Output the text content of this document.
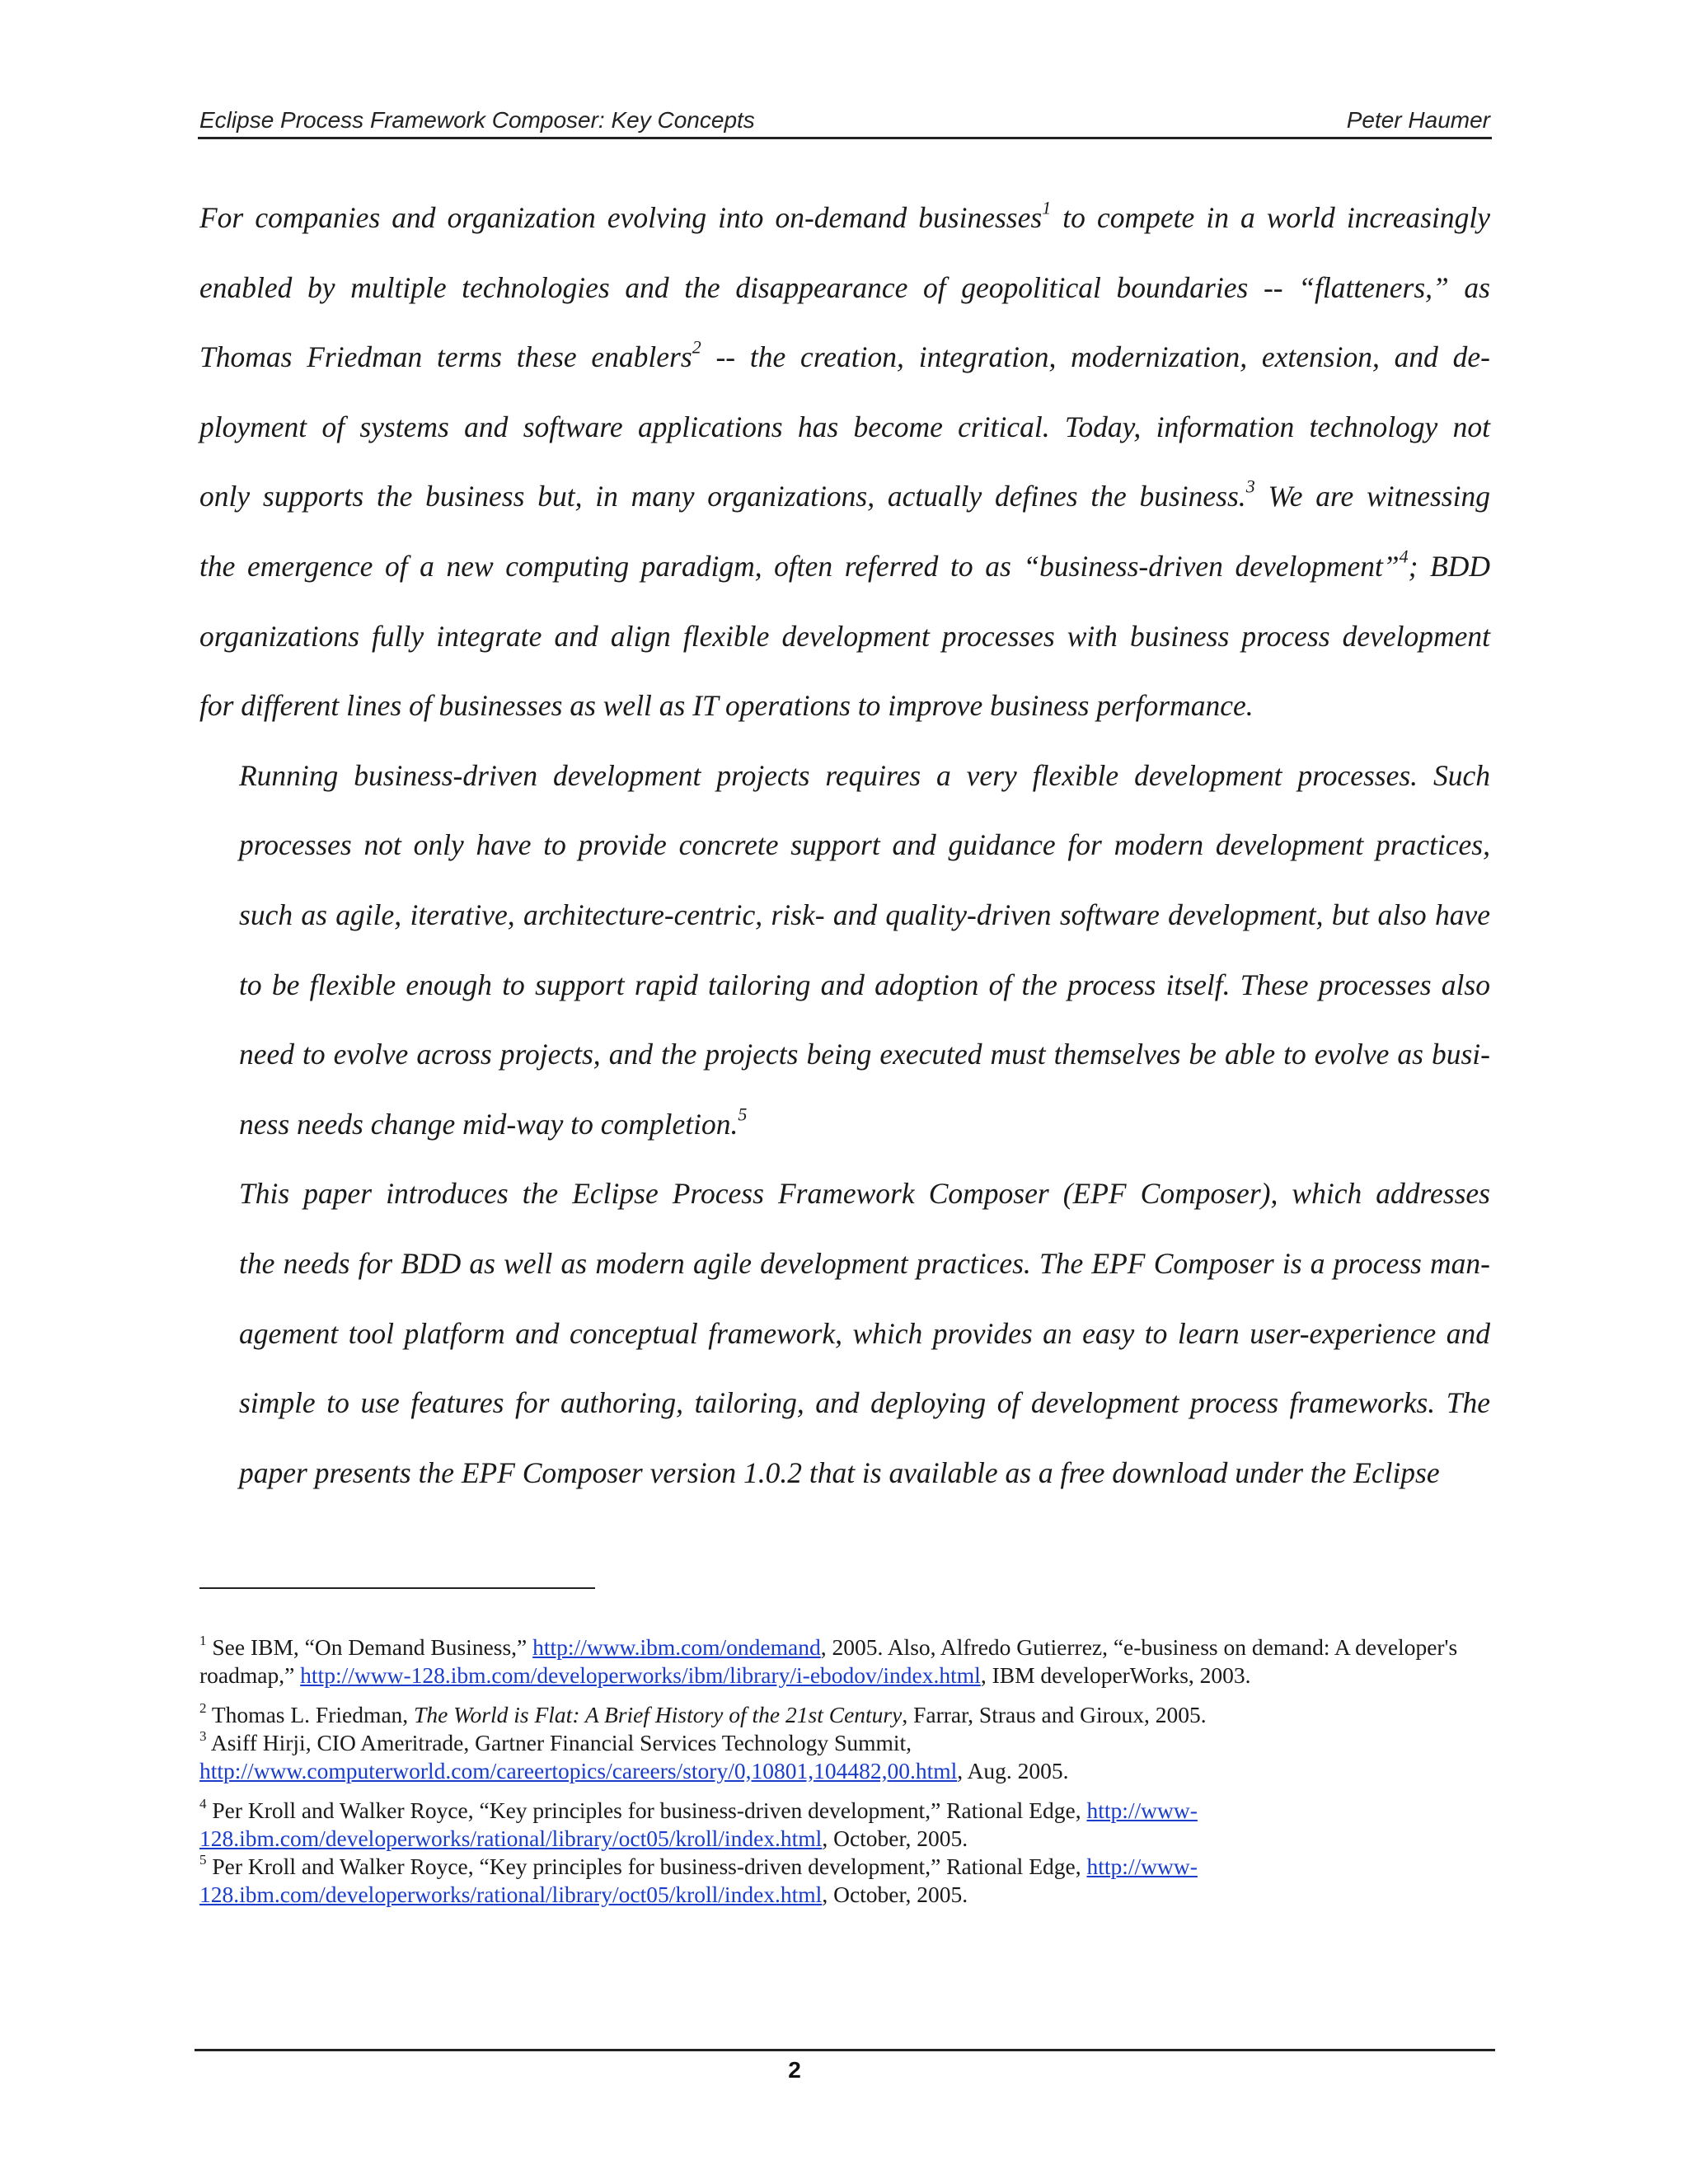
Eclipse Process Framework Composer: Key Concepts	Peter Haumer

For companies and organization evolving into on-demand businesses$^1$ to compete in a world increasingly
enabled by multiple technologies and the disappearance of geopolitical boundaries -- “flatteners,” as
Thomas Friedman terms these enablers$^2$ -- the creation, integration, modernization, extension, and de-
ployment of systems and software applications has become critical. Today, information technology not
only supports the business but, in many organizations, actually defines the business.$^3$ We are witnessing
the emergence of a new computing paradigm, often referred to as “business-driven development”$^4$; BDD
organizations fully integrate and align flexible development processes with business process development
for different lines of businesses as well as IT operations to improve business performance.

Running business-driven development projects requires a very flexible development processes. Such
processes not only have to provide concrete support and guidance for modern development practices,
such as agile, iterative, architecture-centric, risk- and quality-driven software development, but also have
to be flexible enough to support rapid tailoring and adoption of the process itself. These processes also
need to evolve across projects, and the projects being executed must themselves be able to evolve as busi-
ness needs change mid-way to completion.$^5$

This paper introduces the Eclipse Process Framework Composer (EPF Composer), which addresses
the needs for BDD as well as modern agile development practices. The EPF Composer is a process man-
agement tool platform and conceptual framework, which provides an easy to learn user-experience and
simple to use features for authoring, tailoring, and deploying of development process frameworks. The
paper presents the EPF Composer version 1.0.2 that is available as a free download under the Eclipse

$^1$ See IBM, “On Demand Business,” http://www.ibm.com/ondemand, 2005. Also, Alfredo Gutierrez, “e-business on demand: A developer's roadmap,” http://www-128.ibm.com/developerworks/ibm/library/i-ebodov/index.html, IBM developerWorks, 2003.

$^2$ Thomas L. Friedman, The World is Flat: A Brief History of the 21st Century, Farrar, Straus and Giroux, 2005.

$^3$ Asiff Hirji, CIO Ameritrade, Gartner Financial Services Technology Summit, http://www.computerworld.com/careertopics/careers/story/0,10801,104482,00.html, Aug. 2005.

$^4$ Per Kroll and Walker Royce, “Key principles for business-driven development,” Rational Edge, http://www-128.ibm.com/developerworks/rational/library/oct05/kroll/index.html, October, 2005.

$^5$ Per Kroll and Walker Royce, “Key principles for business-driven development,” Rational Edge, http://www-128.ibm.com/developerworks/rational/library/oct05/kroll/index.html, October, 2005.

2
